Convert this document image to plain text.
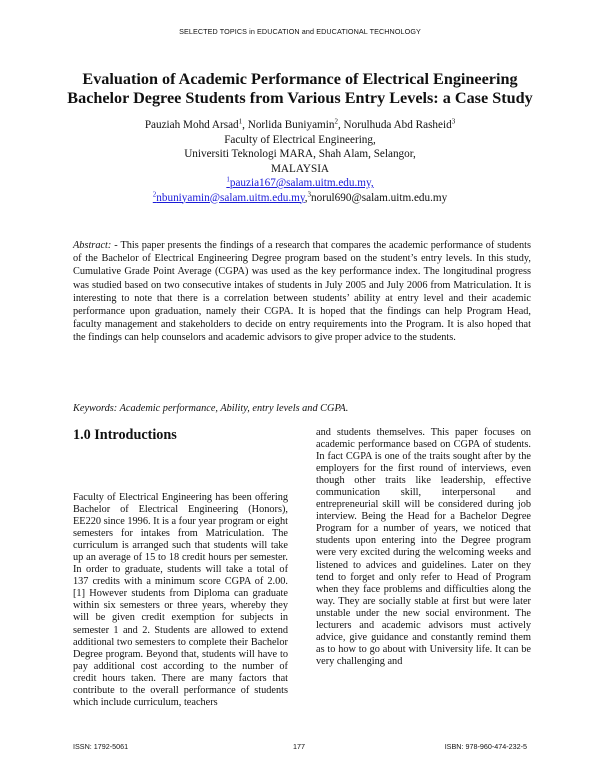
SELECTED TOPICS in EDUCATION and EDUCATIONAL TECHNOLOGY
Evaluation of Academic Performance of Electrical Engineering
Bachelor Degree Students from Various Entry Levels: a Case Study
Pauziah Mohd Arsad$^1$, Norlida Buniyamin$^2$, Norulhuda Abd Rasheid$^3$
Faculty of Electrical Engineering,
Universiti Teknologi MARA, Shah Alam, Selangor,
MALAYSIA
$^1$pauzia167@salam.uitm.edu.my,
$^2$nbuniyamin@salam.uitm.edu.my,$^3$norul690@salam.uitm.edu.my
Abstract: - This paper presents the findings of a research that compares the academic performance of students of the Bachelor of Electrical Engineering Degree program based on the student’s entry levels. In this study, Cumulative Grade Point Average (CGPA) was used as the key performance index. The longitudinal progress was studied based on two consecutive intakes of students in July 2005 and July 2006 from Matriculation. It is interesting to note that there is a correlation between students’ ability at entry level and their academic performance upon graduation, namely their CGPA. It is hoped that the findings can help Program Head, faculty management and stakeholders to decide on entry requirements into the Program. It is also hoped that the findings can help counselors and academic advisors to give proper advice to the students.
Keywords: Academic performance, Ability, entry levels and CGPA.
1.0 Introductions

Faculty of Electrical Engineering has been offering Bachelor of Electrical Engineering (Honors), EE220 since 1996. It is a four year program or eight semesters for intakes from Matriculation. The curriculum is arranged such that students will take up an average of 15 to 18 credit hours per semester. In order to graduate, students will take a total of 137 credits with a minimum score CGPA of 2.00.[1] However students from Diploma can graduate within six semesters or three years, whereby they will be given credit exemption for subjects in semester 1 and 2. Students are allowed to extend additional two semesters to complete their Bachelor Degree program. Beyond that, students will have to pay additional cost according to the number of credit hours taken. There are many factors that contribute to the overall performance of students which include curriculum, teachers

and students themselves. This paper focuses on academic performance based on CGPA of students. In fact CGPA is one of the traits sought after by the employers for the first round of interviews, even though other traits like leadership, effective communication skill, interpersonal and entrepreneurial skill will be considered during job interview. Being the Head for a Bachelor Degree Program for a number of years, we noticed that students upon entering into the Degree program were very excited during the welcoming weeks and listened to advices and guidelines. Later on they tend to forget and only refer to Head of Program when they face problems and difficulties along the way. They are socially stable at first but were later unstable under the new social environment. The lecturers and academic advisors must actively advice, give guidance and constantly remind them as to how to go about with University life. It can be very challenging and

ISSN: 1792-5061	177	ISBN: 978-960-474-232-5
